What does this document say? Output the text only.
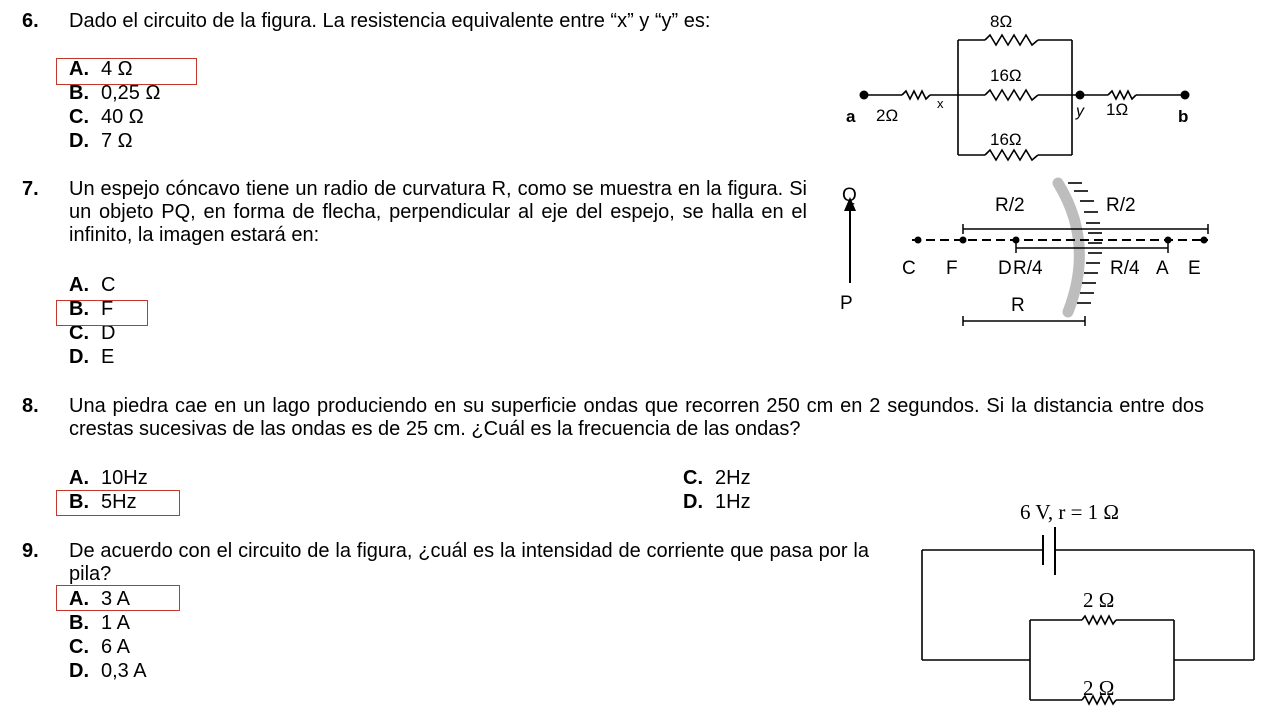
6. Dado el circuito de la figura. La resistencia equivalente entre “x” y “y” es:
A. 4 Ω
B. 0,25 Ω
C. 40 Ω
D. 7 Ω
7. Un espejo cóncavo tiene un radio de curvatura R, como se muestra en la figura. Si un objeto PQ, en forma de flecha, perpendicular al eje del espejo, se halla en el infinito, la imagen estará en:
A. C
B. F
C. D
D. E
8. Una piedra cae en un lago produciendo en su superficie ondas que recorren 250 cm en 2 segundos. Si la distancia entre dos crestas sucesivas de las ondas es de 25 cm. ¿Cuál es la frecuencia de las ondas?
A. 10Hz
B. 5Hz
C. 2Hz
D. 1Hz
9. De acuerdo con el circuito de la figura, ¿cuál es la intensidad de corriente que pasa por la pila?
A. 3 A
B. 1 A
C. 6 A
D. 0,3 A
8Ω
16Ω
16Ω
2Ω	1Ω
a	b
x	y
Q
P
R/2	R/2
C F D R/4	R/4 A E
R
6 V, r = 1 Ω
2 Ω
2 Ω
